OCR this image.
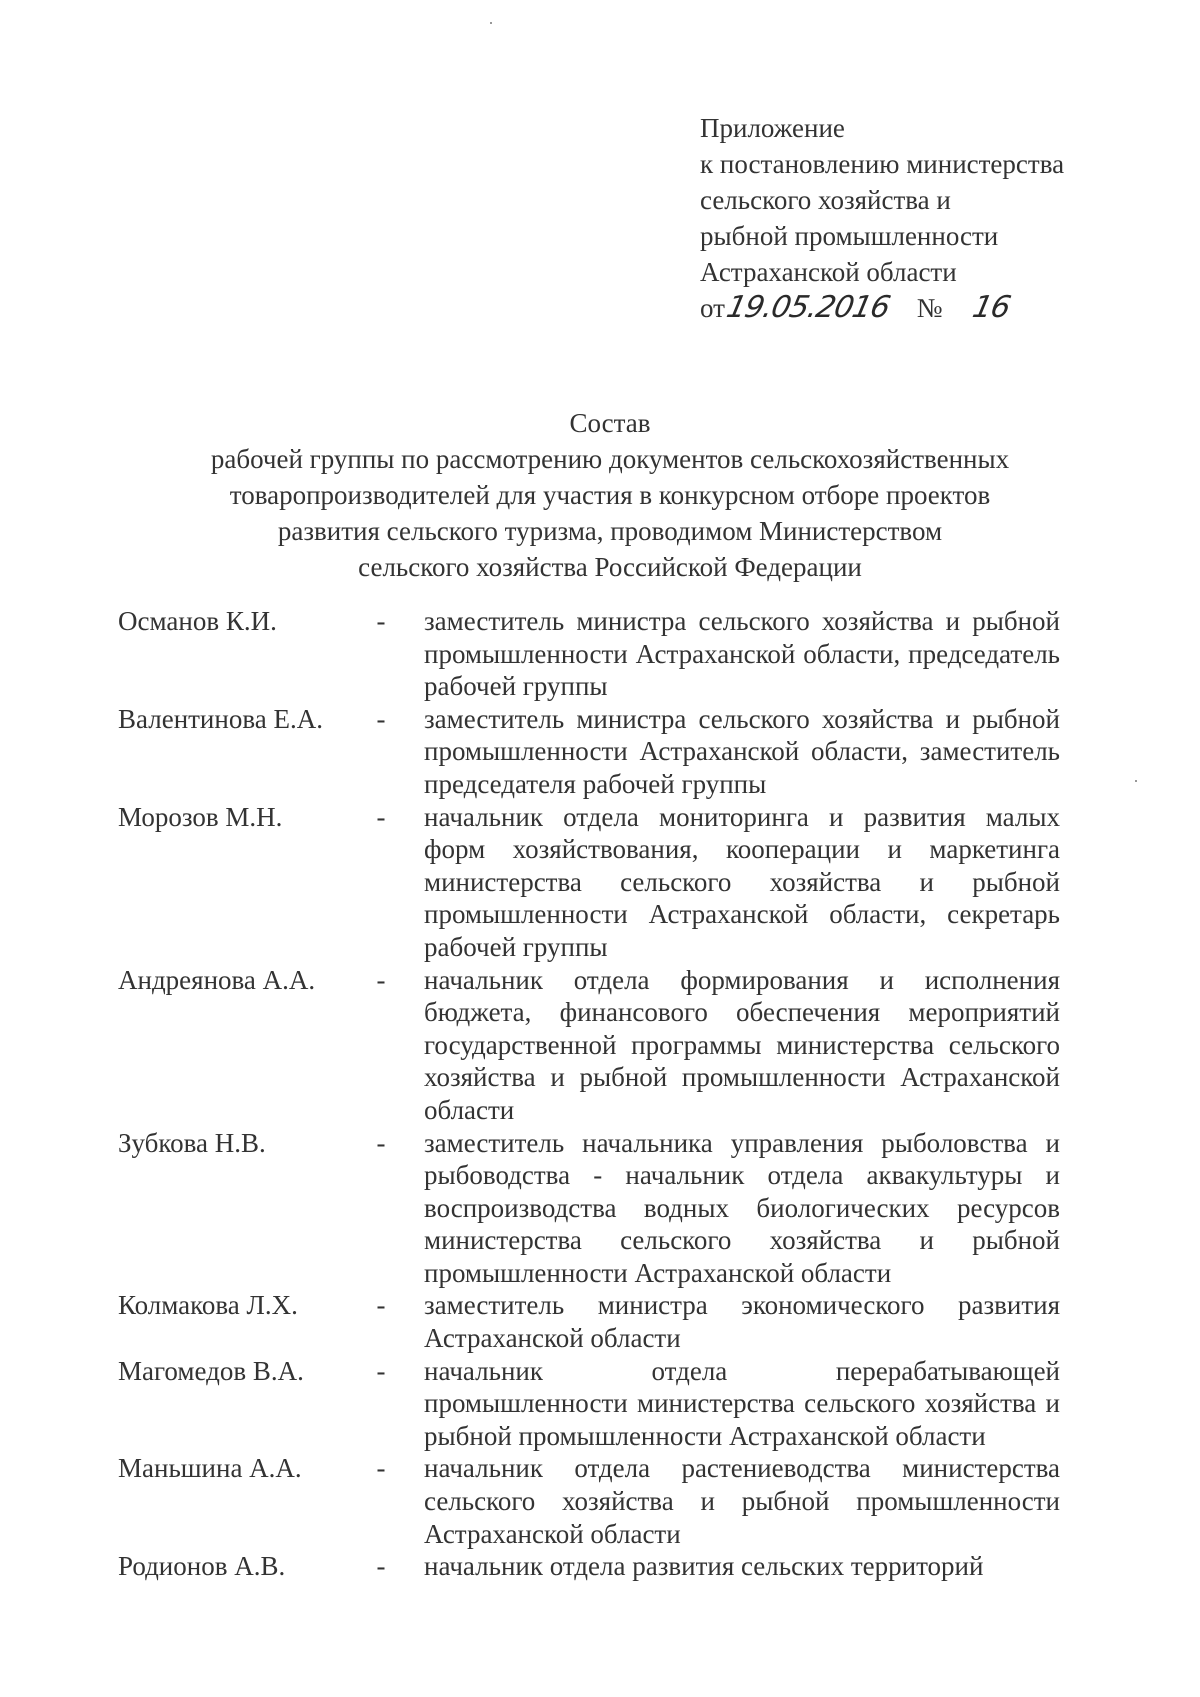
Приложение
к постановлению министерства
сельского хозяйства и
рыбной промышленности
Астраханской области
от
19.05.2016 № 16
Состав
рабочей группы по рассмотрению документов сельскохозяйственных
товаропроизводителей для участия в конкурсном отборе проектов
развития сельского туризма, проводимом Министерством
сельского хозяйства Российской Федерации
Османов К.И.	-	заместитель министра сельского хозяйства и рыбной промышленности Астраханской области, председатель рабочей группы
Валентинова Е.А.	-	заместитель министра сельского хозяйства и рыбной промышленности Астраханской области, заместитель председателя рабочей группы
Морозов М.Н.	-	начальник отдела мониторинга и развития малых форм хозяйствования, кооперации и маркетинга министерства сельского хозяйства и рыбной промышленности Астраханской области, секретарь рабочей группы
Андреянова А.А.	-	начальник отдела формирования и исполнения бюджета, финансового обеспечения мероприятий государственной программы министерства сельского хозяйства и рыбной промышленности Астраханской области
Зубкова Н.В.	-	заместитель начальника управления рыболовства и рыбоводства - начальник отдела аквакультуры и воспроизводства водных биологических ресурсов министерства сельского хозяйства и рыбной промышленности Астраханской области
Колмакова Л.Х.	-	заместитель министра экономического развития Астраханской области
Магомедов В.А.	-	начальник отдела перерабатывающей промышленности министерства сельского хозяйства и рыбной промышленности Астраханской области
Маньшина А.А.	-	начальник отдела растениеводства министерства сельского хозяйства и рыбной промышленности Астраханской области
Родионов А.В.	-	начальник отдела развития сельских территорий
